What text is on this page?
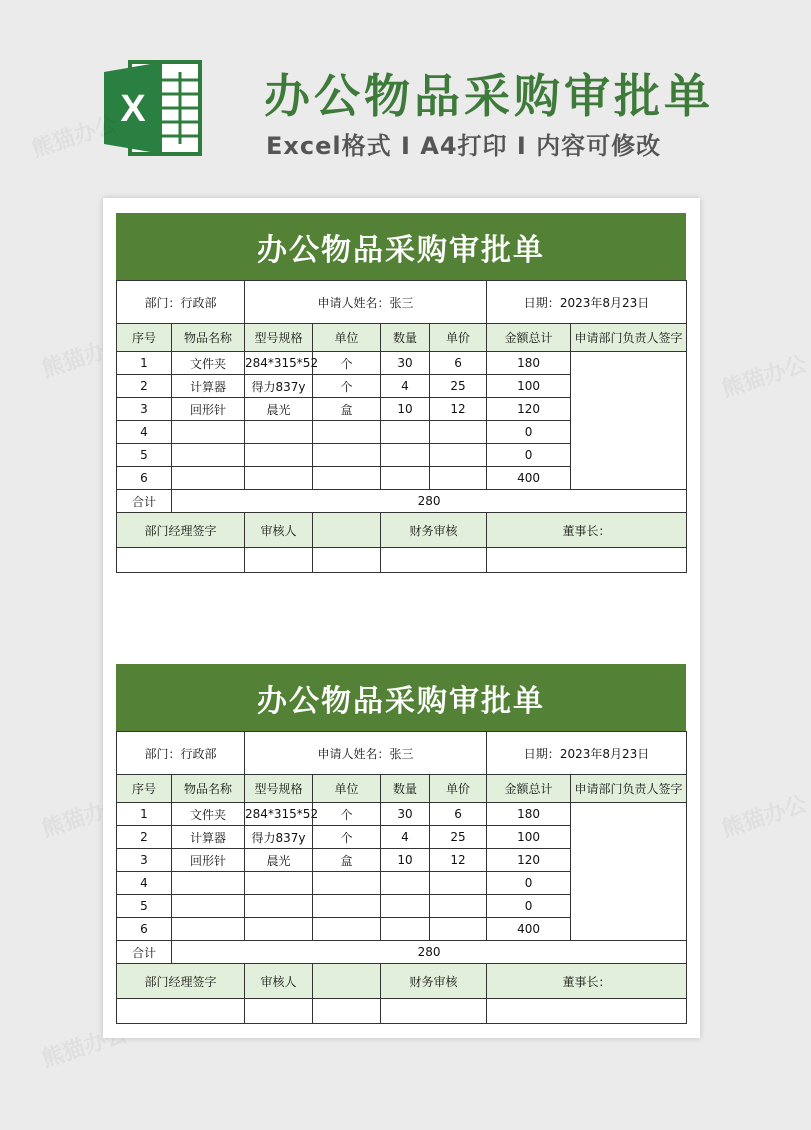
X	办公物品采购审批单
Excel格式 I A4打印 I 内容可修改
熊猫办公
熊猫办公	熊猫办公
熊猫办公	熊猫办公
熊猫办公
办公物品采购审批单
部门：行政部		申请人姓名：张三				日期：2023年8月23日	
序号	物品名称	型号规格	单位	数量	单价	金额总计	申请部门负责人签字
1	文件夹	284*315*52	个	30	6	180	
2	计算器	得力837y	个	4	25	100	
3	回形针	晨光	盒	10	12	120	
4						0	
5						0	
6						400	
合计	280						
部门经理签字		审核人		财务审核		董事长：	

办公物品采购审批单
部门：行政部		申请人姓名：张三				日期：2023年8月23日	
序号	物品名称	型号规格	单位	数量	单价	金额总计	申请部门负责人签字
1	文件夹	284*315*52	个	30	6	180	
2	计算器	得力837y	个	4	25	100	
3	回形针	晨光	盒	10	12	120	
4						0	
5						0	
6						400	
合计	280						
部门经理签字		审核人		财务审核		董事长：	
